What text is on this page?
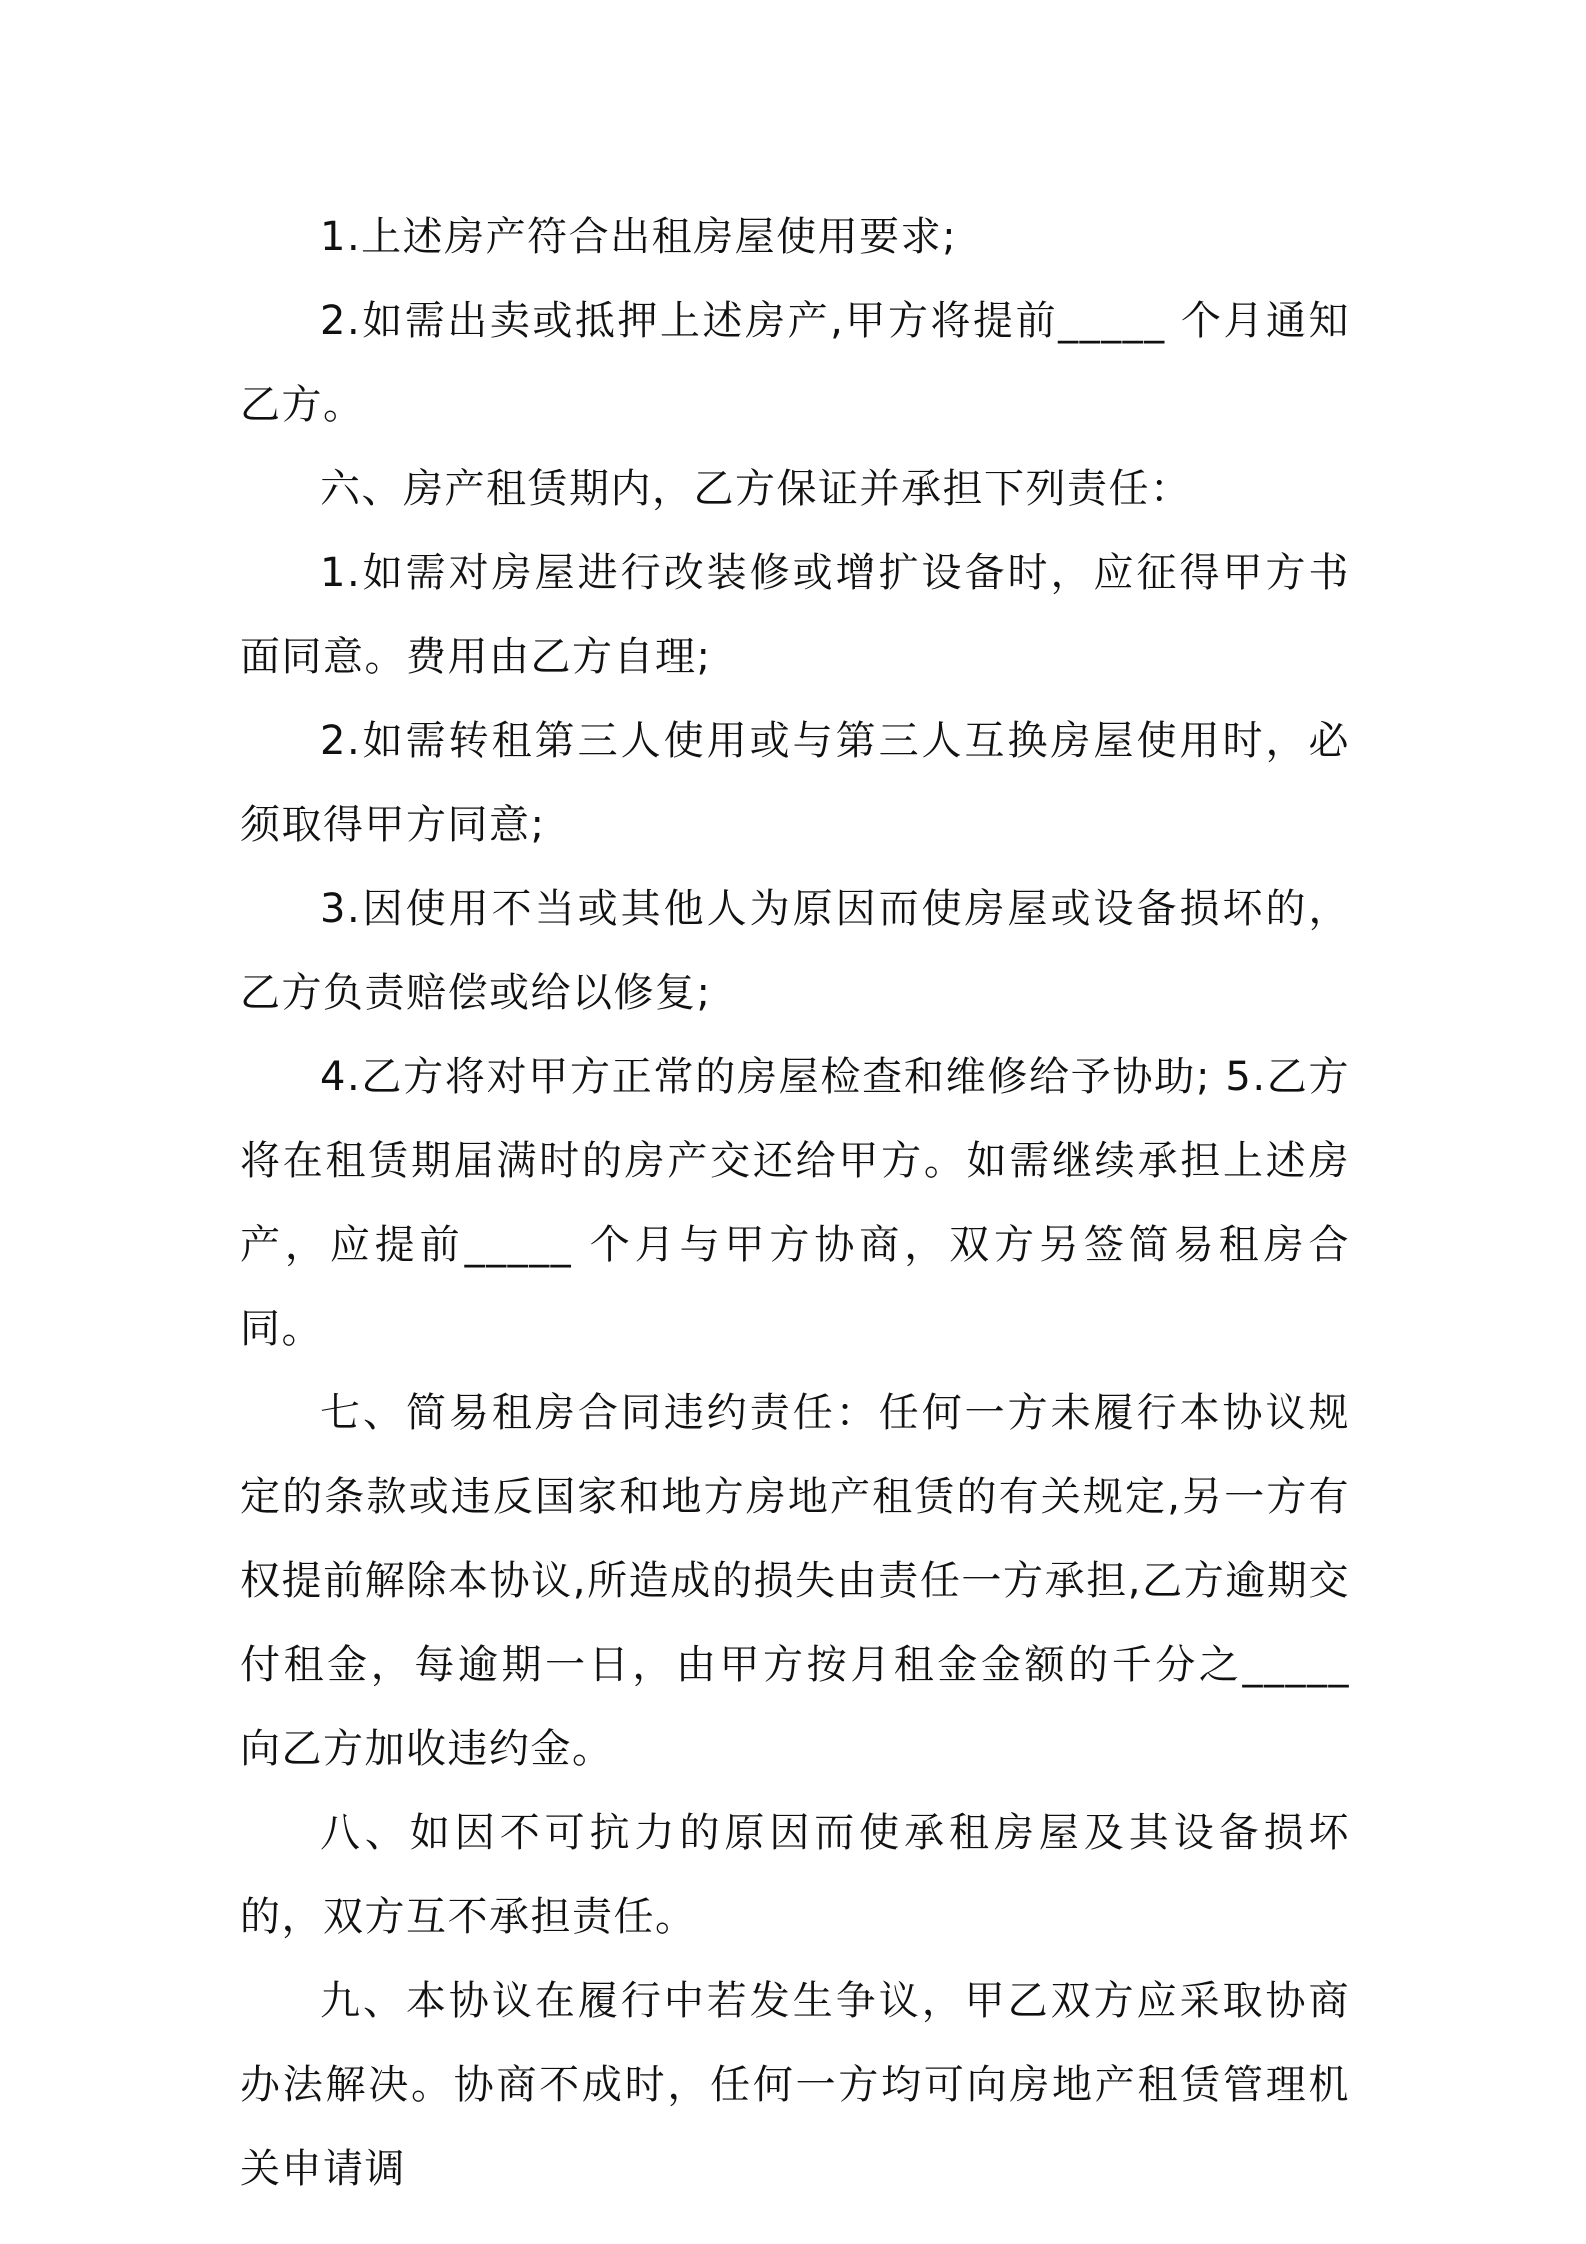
1.上述房产符合出租房屋使用要求;

2.如需出卖或抵押上述房产,甲方将提前_____ 个月通知乙方。

六、房产租赁期内，乙方保证并承担下列责任：

1.如需对房屋进行改装修或增扩设备时，应征得甲方书面同意。费用由乙方自理;

2.如需转租第三人使用或与第三人互换房屋使用时，必须取得甲方同意;

3.因使用不当或其他人为原因而使房屋或设备损坏的，乙方负责赔偿或给以修复;

4.乙方将对甲方正常的房屋检查和维修给予协助; 5.乙方将在租赁期届满时的房产交还给甲方。如需继续承担上述房产，应提前_____ 个月与甲方协商，双方另签简易租房合同。

七、简易租房合同违约责任：任何一方未履行本协议规定的条款或违反国家和地方房地产租赁的有关规定,另一方有权提前解除本协议,所造成的损失由责任一方承担,乙方逾期交付租金，每逾期一日，由甲方按月租金金额的千分之_____ 向乙方加收违约金。

八、如因不可抗力的原因而使承租房屋及其设备损坏的，双方互不承担责任。

九、本协议在履行中若发生争议，甲乙双方应采取协商办法解决。协商不成时，任何一方均可向房地产租赁管理机关申请调
